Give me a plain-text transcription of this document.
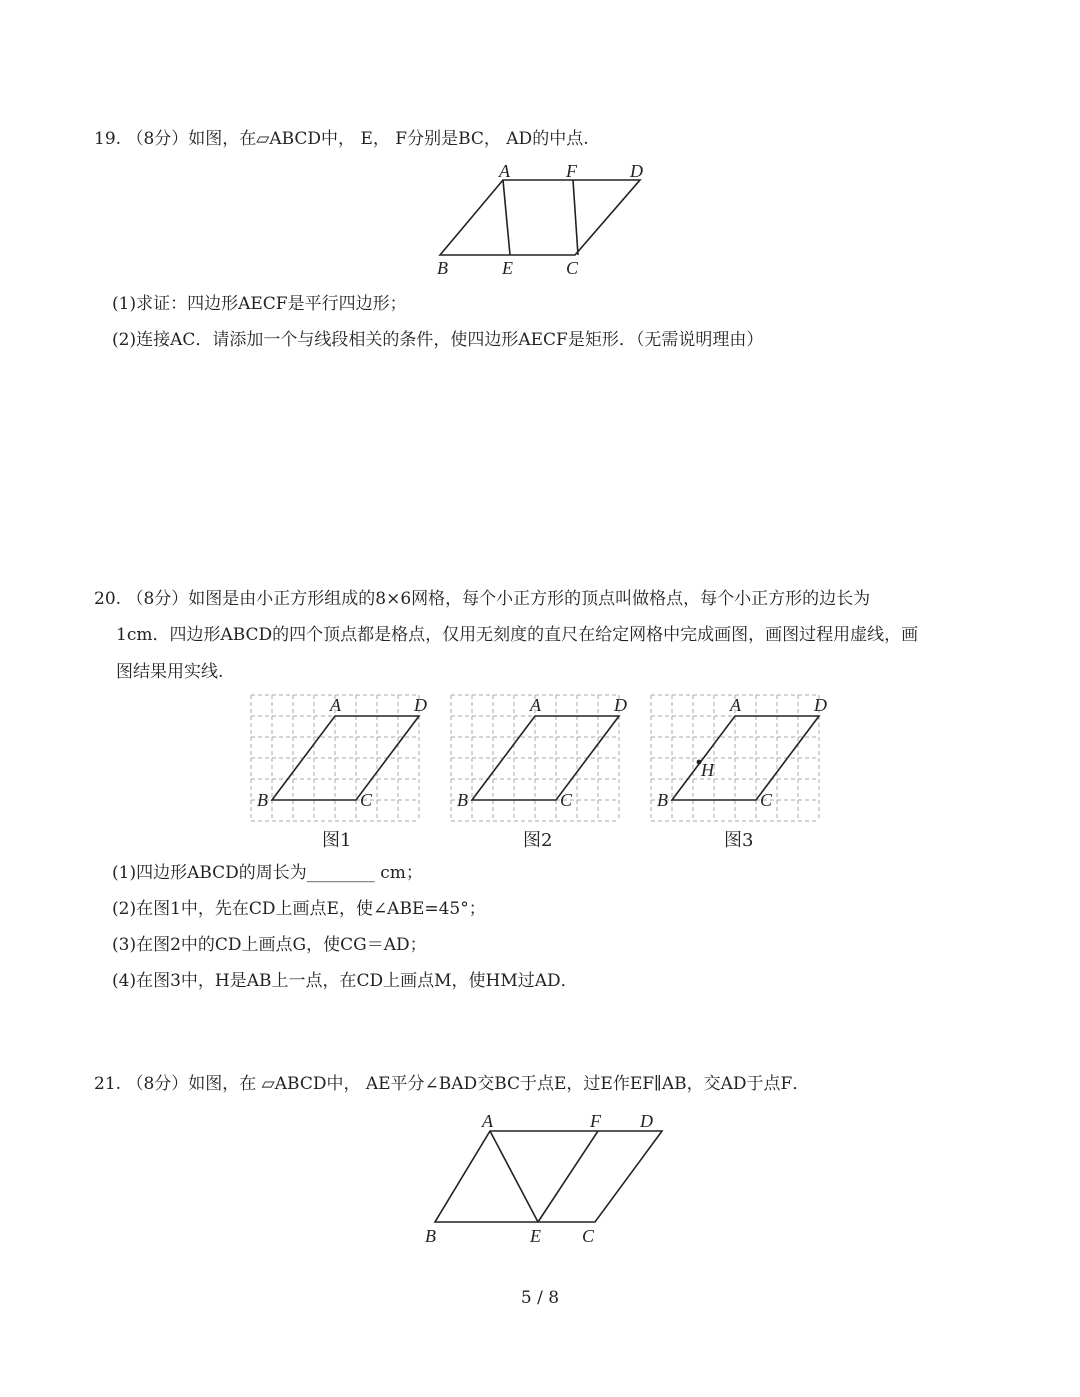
19. （8分）如图，在▱ABCD中， E， F分别是BC， AD的中点.
A	F	D
B	E	C
(1)求证：四边形AECF是平行四边形；
(2)连接AC．请添加一个与线段相关的条件，使四边形AECF是矩形．（无需说明理由）
20. （8分）如图是由小正方形组成的8×6网格，每个小正方形的顶点叫做格点，每个小正方形的边长为
1cm．四边形ABCD的四个顶点都是格点，仅用无刻度的直尺在给定网格中完成画图，画图过程用虚线，画
图结果用实线.
A	D
B	C
图1
A	D
B	C
图2
A	D
B	C
H
图3
(1)四边形ABCD的周长为________ cm；
(2)在图1中，先在CD上画点E，使∠ABE=45°；
(3)在图2中的CD上画点G，使CG＝AD；
(4)在图3中，H是AB上一点，在CD上画点M，使HM过AD．
21. （8分）如图，在 ▱ABCD中， AE平分∠BAD交BC于点E，过E作EF∥AB，交AD于点F．
A	F D
B	E C
5 / 8
